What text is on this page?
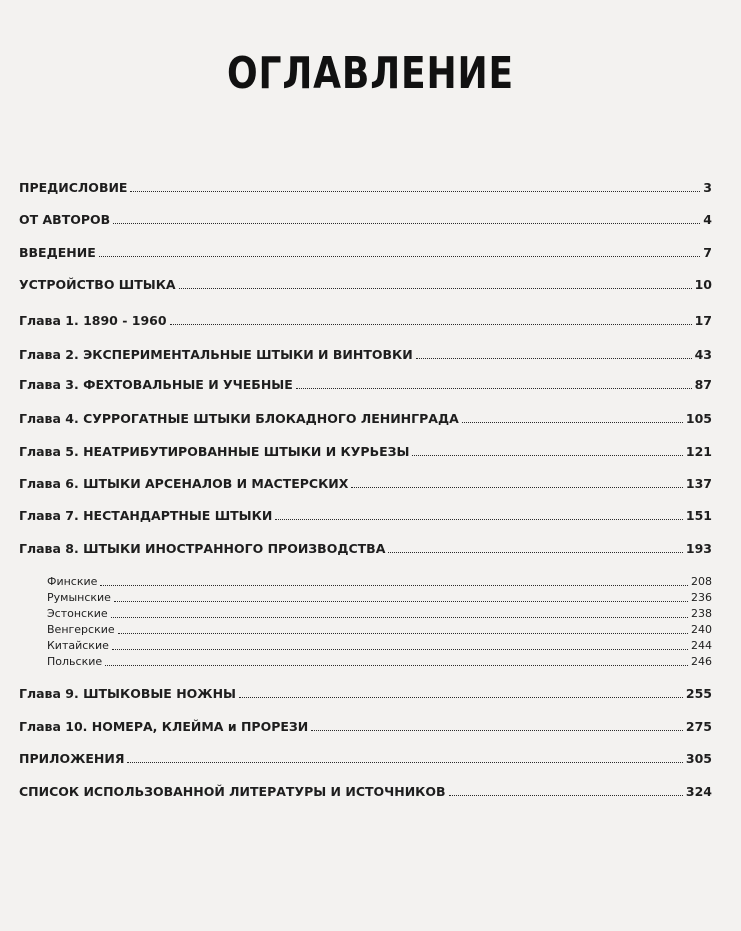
ОГЛАВЛЕНИЕ
ПРЕДИСЛОВИЕ	3
ОТ АВТОРОВ	4
ВВЕДЕНИЕ	7
УСТРОЙСТВО ШТЫКА	10
Глава 1. 1890 - 1960	17
Глава 2. ЭКСПЕРИМЕНТАЛЬНЫЕ ШТЫКИ И ВИНТОВКИ	43
Глава 3. ФЕХТОВАЛЬНЫЕ И УЧЕБНЫЕ	87
Глава 4. СУРРОГАТНЫЕ ШТЫКИ БЛОКАДНОГО ЛЕНИНГРАДА	105
Глава 5. НЕАТРИБУТИРОВАННЫЕ ШТЫКИ И КУРЬЕЗЫ	121
Глава 6. ШТЫКИ АРСЕНАЛОВ И МАСТЕРСКИХ	137
Глава 7. НЕСТАНДАРТНЫЕ ШТЫКИ	151
Глава 8. ШТЫКИ ИНОСТРАННОГО ПРОИЗВОДСТВА	193
Финские	208
Румынские	236
Эстонские	238
Венгерские	240
Китайские	244
Польские	246
Глава 9. ШТЫКОВЫЕ НОЖНЫ	255
Глава 10. НОМЕРА, КЛЕЙМА и ПРОРЕЗИ	275
ПРИЛОЖЕНИЯ	305
СПИСОК ИСПОЛЬЗОВАННОЙ ЛИТЕРАТУРЫ И ИСТОЧНИКОВ	324
